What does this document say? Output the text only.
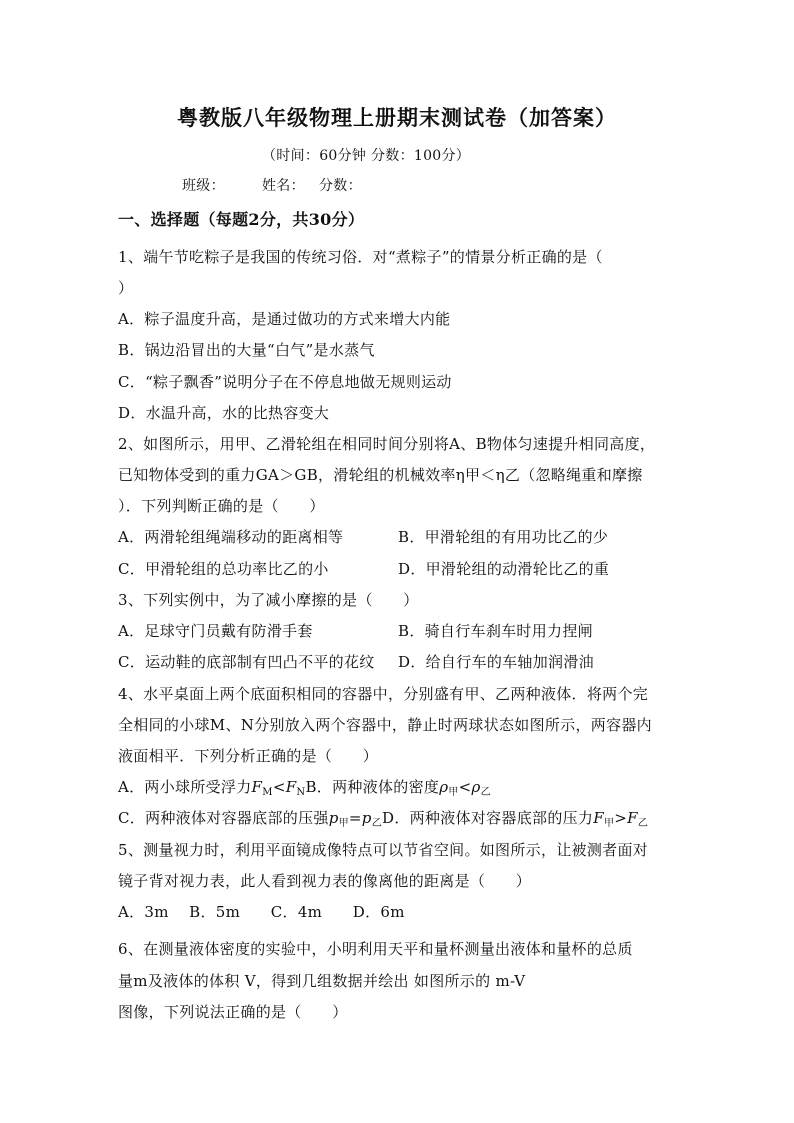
粤教版八年级物理上册期末测试卷（加答案）
（时间：60分钟 分数：100分）
班级：	姓名： 分数：
一、选择题（每题2分，共30分）
1、端午节吃粽子是我国的传统习俗．对“煮粽子”的情景分析正确的是（
）
A．粽子温度升高，是通过做功的方式来增大内能
B．锅边沿冒出的大量“白气”是水蒸气
C．“粽子飘香”说明分子在不停息地做无规则运动
D．水温升高，水的比热容变大
2、如图所示，用甲、乙滑轮组在相同时间分别将A、B物体匀速提升相同高度，
已知物体受到的重力GA＞GB，滑轮组的机械效率η甲＜η乙（忽略绳重和摩擦
）．下列判断正确的是（　　）
A．两滑轮组绳端移动的距离相等	B．甲滑轮组的有用功比乙的少
C．甲滑轮组的总功率比乙的小	D．甲滑轮组的动滑轮比乙的重
3、下列实例中，为了减小摩擦的是（　　）
A．足球守门员戴有防滑手套	B．骑自行车刹车时用力捏闸
C．运动鞋的底部制有凹凸不平的花纹 D．给自行车的车轴加润滑油
4、水平桌面上两个底面积相同的容器中，分别盛有甲、乙两种液体．将两个完
全相同的小球M、N分别放入两个容器中，静止时两球状态如图所示，两容器内
液面相平．下列分析正确的是（　　）
A．两小球所受浮力$F_M<F_NB$．两种液体的密度$\rho_甲<\rho_乙$
C．两种液体对容器底部的压强$p_甲=p_乙D$．两种液体对容器底部的压力$F_甲>F_乙$
5、测量视力时，利用平面镜成像特点可以节省空间。如图所示，让被测者面对
镜子背对视力表，此人看到视力表的像离他的距离是（　　）
A．3m　 B．5m　　C．4m　　D．6m
6、在测量液体密度的实验中，小明利用天平和量杯测量出液体和量杯的总质
量m及液体的体积 V，得到几组数据并绘出 如图所示的 m-V
图像，下列说法正确的是（　　）
